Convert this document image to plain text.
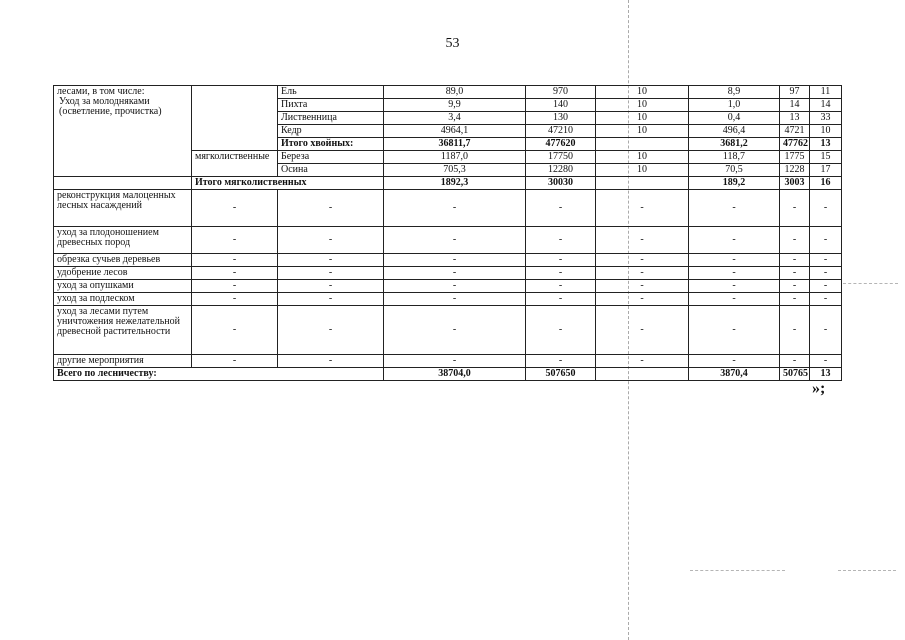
53
лесами, в том числе:
Уход за молодняками (осветление, прочистка)		Ель	89,0	970	10	8,9	97	11
		Пихта	9,9	140	10	1,0	14	14
		Лиственница	3,4	130	10	0,4	13	33
		Кедр	4964,1	47210	10	496,4	4721	10
		Итого хвойных:	36811,7	477620		3681,2	47762	13
	мягколиственные	Береза	1187,0	17750	10	118,7	1775	15
		Осина	705,3	12280	10	70,5	1228	17
	Итого мягколиственных		1892,3	30030		189,2	3003	16
реконструкция малоценных лесных насаждений	-	-	-	-	-	-	-	-
уход за плодоношением древесных пород	-	-	-	-	-	-	-	-
обрезка сучьев деревьев	-	-	-	-	-	-	-	-
удобрение лесов	-	-	-	-	-	-	-	-
уход за опушками	-	-	-	-	-	-	-	-
уход за подлеском	-	-	-	-	-	-	-	-
уход за лесами путем уничтожения нежелательной древесной растительности	-	-	-	-	-	-	-	-
другие мероприятия	-	-	-	-	-	-	-	-
Всего по лесничеству:			38704,0	507650		3870,4	50765	13
»;
